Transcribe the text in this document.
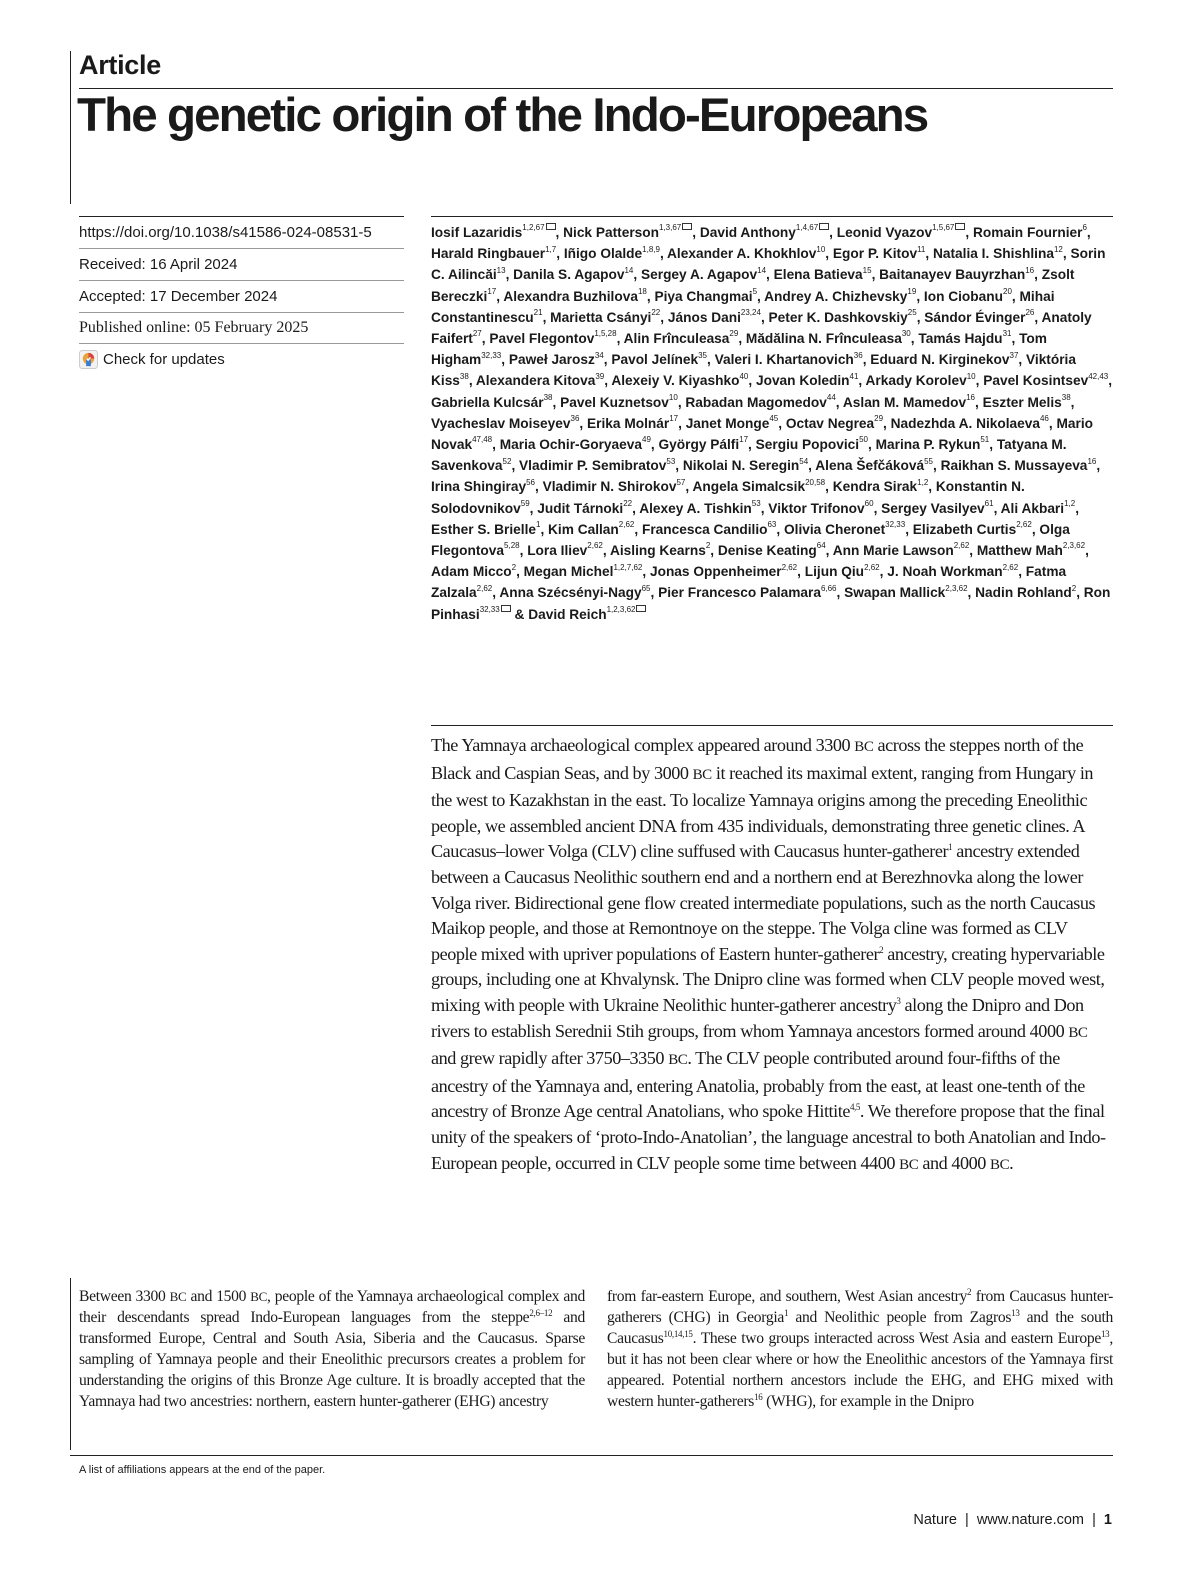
Article
The genetic origin of the Indo-Europeans
https://doi.org/10.1038/s41586-024-08531-5
Received: 16 April 2024
Accepted: 17 December 2024
Published online: 05 February 2025
Check for updates
Iosif Lazaridis$^{1,2,67}$ , Nick Patterson$^{1,3,67}$ , David Anthony$^{1,4,67}$ , Leonid Vyazov$^{1,5,67}$ , Romain Fournier$^6$, Harald Ringbauer$^{1,7}$, Iñigo Olalde$^{1,8,9}$, Alexander A. Khokhlov$^{10}$, Egor P. Kitov$^{11}$, Natalia I. Shishlina$^{12}$, Sorin C. Ailincăi$^{13}$, Danila S. Agapov$^{14}$, Sergey A. Agapov$^{14}$, Elena Batieva$^{15}$, Baitanayev Bauyrzhan$^{16}$, Zsolt Bereczki$^{17}$, Alexandra Buzhilova$^{18}$, Piya Changmai$^5$, Andrey A. Chizhevsky$^{19}$, Ion Ciobanu$^{20}$, Mihai Constantinescu$^{21}$, Marietta Csányi$^{22}$, János Dani$^{23,24}$, Peter K. Dashkovskiy$^{25}$, Sándor Évinger$^{26}$, Anatoly Faifert$^{27}$, Pavel Flegontov$^{1,5,28}$, Alin Frînculeasa$^{29}$, Mădălina N. Frînculeasa$^{30}$, Tamás Hajdu$^{31}$, Tom Higham$^{32,33}$, Paweł Jarosz$^{34}$, Pavol Jelínek$^{35}$, Valeri I. Khartanovich$^{36}$, Eduard N. Kirginekov$^{37}$, Viktória Kiss$^{38}$, Alexandera Kitova$^{39}$, Alexeiy V. Kiyashko$^{40}$, Jovan Koledin$^{41}$, Arkady Korolev$^{10}$, Pavel Kosintsev$^{42,43}$, Gabriella Kulcsár$^{38}$, Pavel Kuznetsov$^{10}$, Rabadan Magomedov$^{44}$, Aslan M. Mamedov$^{16}$, Eszter Melis$^{38}$, Vyacheslav Moiseyev$^{36}$, Erika Molnár$^{17}$, Janet Monge$^{45}$, Octav Negrea$^{29}$, Nadezhda A. Nikolaeva$^{46}$, Mario Novak$^{47,48}$, Maria Ochir-Goryaeva$^{49}$, György Pálfi$^{17}$, Sergiu Popovici$^{50}$, Marina P. Rykun$^{51}$, Tatyana M. Savenkova$^{52}$, Vladimir P. Semibratov$^{53}$, Nikolai N. Seregin$^{54}$, Alena Šefčáková$^{55}$, Raikhan S. Mussayeva$^{16}$, Irina Shingiray$^{56}$, Vladimir N. Shirokov$^{57}$, Angela Simalcsik$^{20,58}$, Kendra Sirak$^{1,2}$, Konstantin N. Solodovnikov$^{59}$, Judit Tárnoki$^{22}$, Alexey A. Tishkin$^{53}$, Viktor Trifonov$^{60}$, Sergey Vasilyev$^{61}$, Ali Akbari$^{1,2}$, Esther S. Brielle$^1$, Kim Callan$^{2,62}$, Francesca Candilio$^{63}$, Olivia Cheronet$^{32,33}$, Elizabeth Curtis$^{2,62}$, Olga Flegontova$^{5,28}$, Lora Iliev$^{2,62}$, Aisling Kearns$^2$, Denise Keating$^{64}$, Ann Marie Lawson$^{2,62}$, Matthew Mah$^{2,3,62}$, Adam Micco$^2$, Megan Michel$^{1,2,7,62}$, Jonas Oppenheimer$^{2,62}$, Lijun Qiu$^{2,62}$, J. Noah Workman$^{2,62}$, Fatma Zalzala$^{2,62}$, Anna Szécsényi-Nagy$^{65}$, Pier Francesco Palamara$^{6,66}$, Swapan Mallick$^{2,3,62}$, Nadin Rohland$^2$, Ron Pinhasi$^{32,33}$ & David Reich$^{1,2,3,62}$
The Yamnaya archaeological complex appeared around 3300 BC across the steppes north of the Black and Caspian Seas, and by 3000 BC it reached its maximal extent, ranging from Hungary in the west to Kazakhstan in the east. To localize Yamnaya origins among the preceding Eneolithic people, we assembled ancient DNA from 435 individuals, demonstrating three genetic clines. A Caucasus–lower Volga (CLV) cline suffused with Caucasus hunter-gatherer$^1$ ancestry extended between a Caucasus Neolithic southern end and a northern end at Berezhnovka along the lower Volga river. Bidirectional gene flow created intermediate populations, such as the north Caucasus Maikop people, and those at Remontnoye on the steppe. The Volga cline was formed as CLV people mixed with upriver populations of Eastern hunter-gatherer$^2$ ancestry, creating hypervariable groups, including one at Khvalynsk. The Dnipro cline was formed when CLV people moved west, mixing with people with Ukraine Neolithic hunter-gatherer ancestry$^3$ along the Dnipro and Don rivers to establish Serednii Stih groups, from whom Yamnaya ancestors formed around 4000 BC and grew rapidly after 3750–3350 BC. The CLV people contributed around four-fifths of the ancestry of the Yamnaya and, entering Anatolia, probably from the east, at least one-tenth of the ancestry of Bronze Age central Anatolians, who spoke Hittite$^{4,5}$. We therefore propose that the final unity of the speakers of ‘proto-Indo-Anatolian’, the language ancestral to both Anatolian and Indo-European people, occurred in CLV people some time between 4400 BC and 4000 BC.
Between 3300 BC and 1500 BC, people of the Yamnaya archaeological complex and their descendants spread Indo-European languages from the steppe$^{2,6-12}$ and transformed Europe, Central and South Asia, Siberia and the Caucasus. Sparse sampling of Yamnaya people and their Eneolithic precursors creates a problem for understanding the origins of this Bronze Age culture. It is broadly accepted that the Yamnaya had two ancestries: northern, eastern hunter-gatherer (EHG) ancestry
from far-eastern Europe, and southern, West Asian ancestry$^2$ from Caucasus hunter-gatherers (CHG) in Georgia$^1$ and Neolithic people from Zagros$^{13}$ and the south Caucasus$^{10,14,15}$. These two groups interacted across West Asia and eastern Europe$^{13}$, but it has not been clear where or how the Eneolithic ancestors of the Yamnaya first appeared. Potential northern ancestors include the EHG, and EHG mixed with western hunter-gatherers$^{16}$ (WHG), for example in the Dnipro
A list of affiliations appears at the end of the paper.
Nature | www.nature.com | 1
